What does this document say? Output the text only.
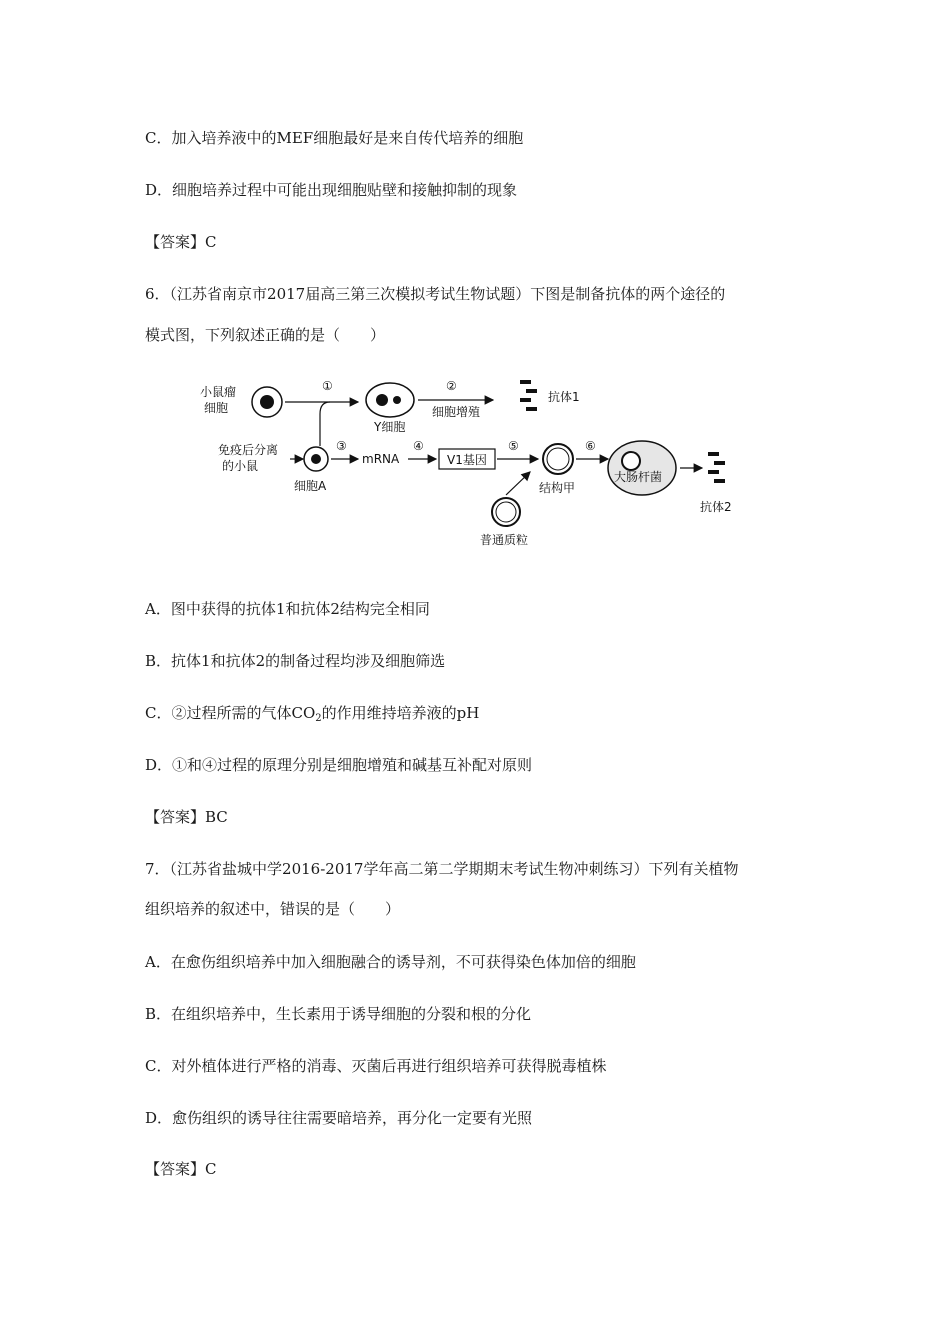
C．加入培养液中的MEF细胞最好是来自传代培养的细胞
D．细胞培养过程中可能出现细胞贴壁和接触抑制的现象
【答案】C
6．（江苏省南京市2017届高三第三次模拟考试生物试题）下图是制备抗体的两个途径的
模式图，下列叙述正确的是（　　）
小鼠瘤
细胞
①
Y细胞
②
细胞增殖
抗体1
免疫后分离
的小鼠
细胞A
③
mRNA
④
V1基因
⑤
结构甲
普通质粒
⑥
大肠杆菌
抗体2
A．图中获得的抗体1和抗体2结构完全相同
B．抗体1和抗体2的制备过程均涉及细胞筛选
C．②过程所需的气体$CO_2$的作用维持培养液的pH
D．①和④过程的原理分别是细胞增殖和碱基互补配对原则
【答案】BC
7．（江苏省盐城中学2016-2017学年高二第二学期期末考试生物冲刺练习）下列有关植物
组织培养的叙述中，错误的是（　　）
A．在愈伤组织培养中加入细胞融合的诱导剂，不可获得染色体加倍的细胞
B．在组织培养中，生长素用于诱导细胞的分裂和根的分化
C．对外植体进行严格的消毒、灭菌后再进行组织培养可获得脱毒植株
D．愈伤组织的诱导往往需要暗培养，再分化一定要有光照
【答案】C
